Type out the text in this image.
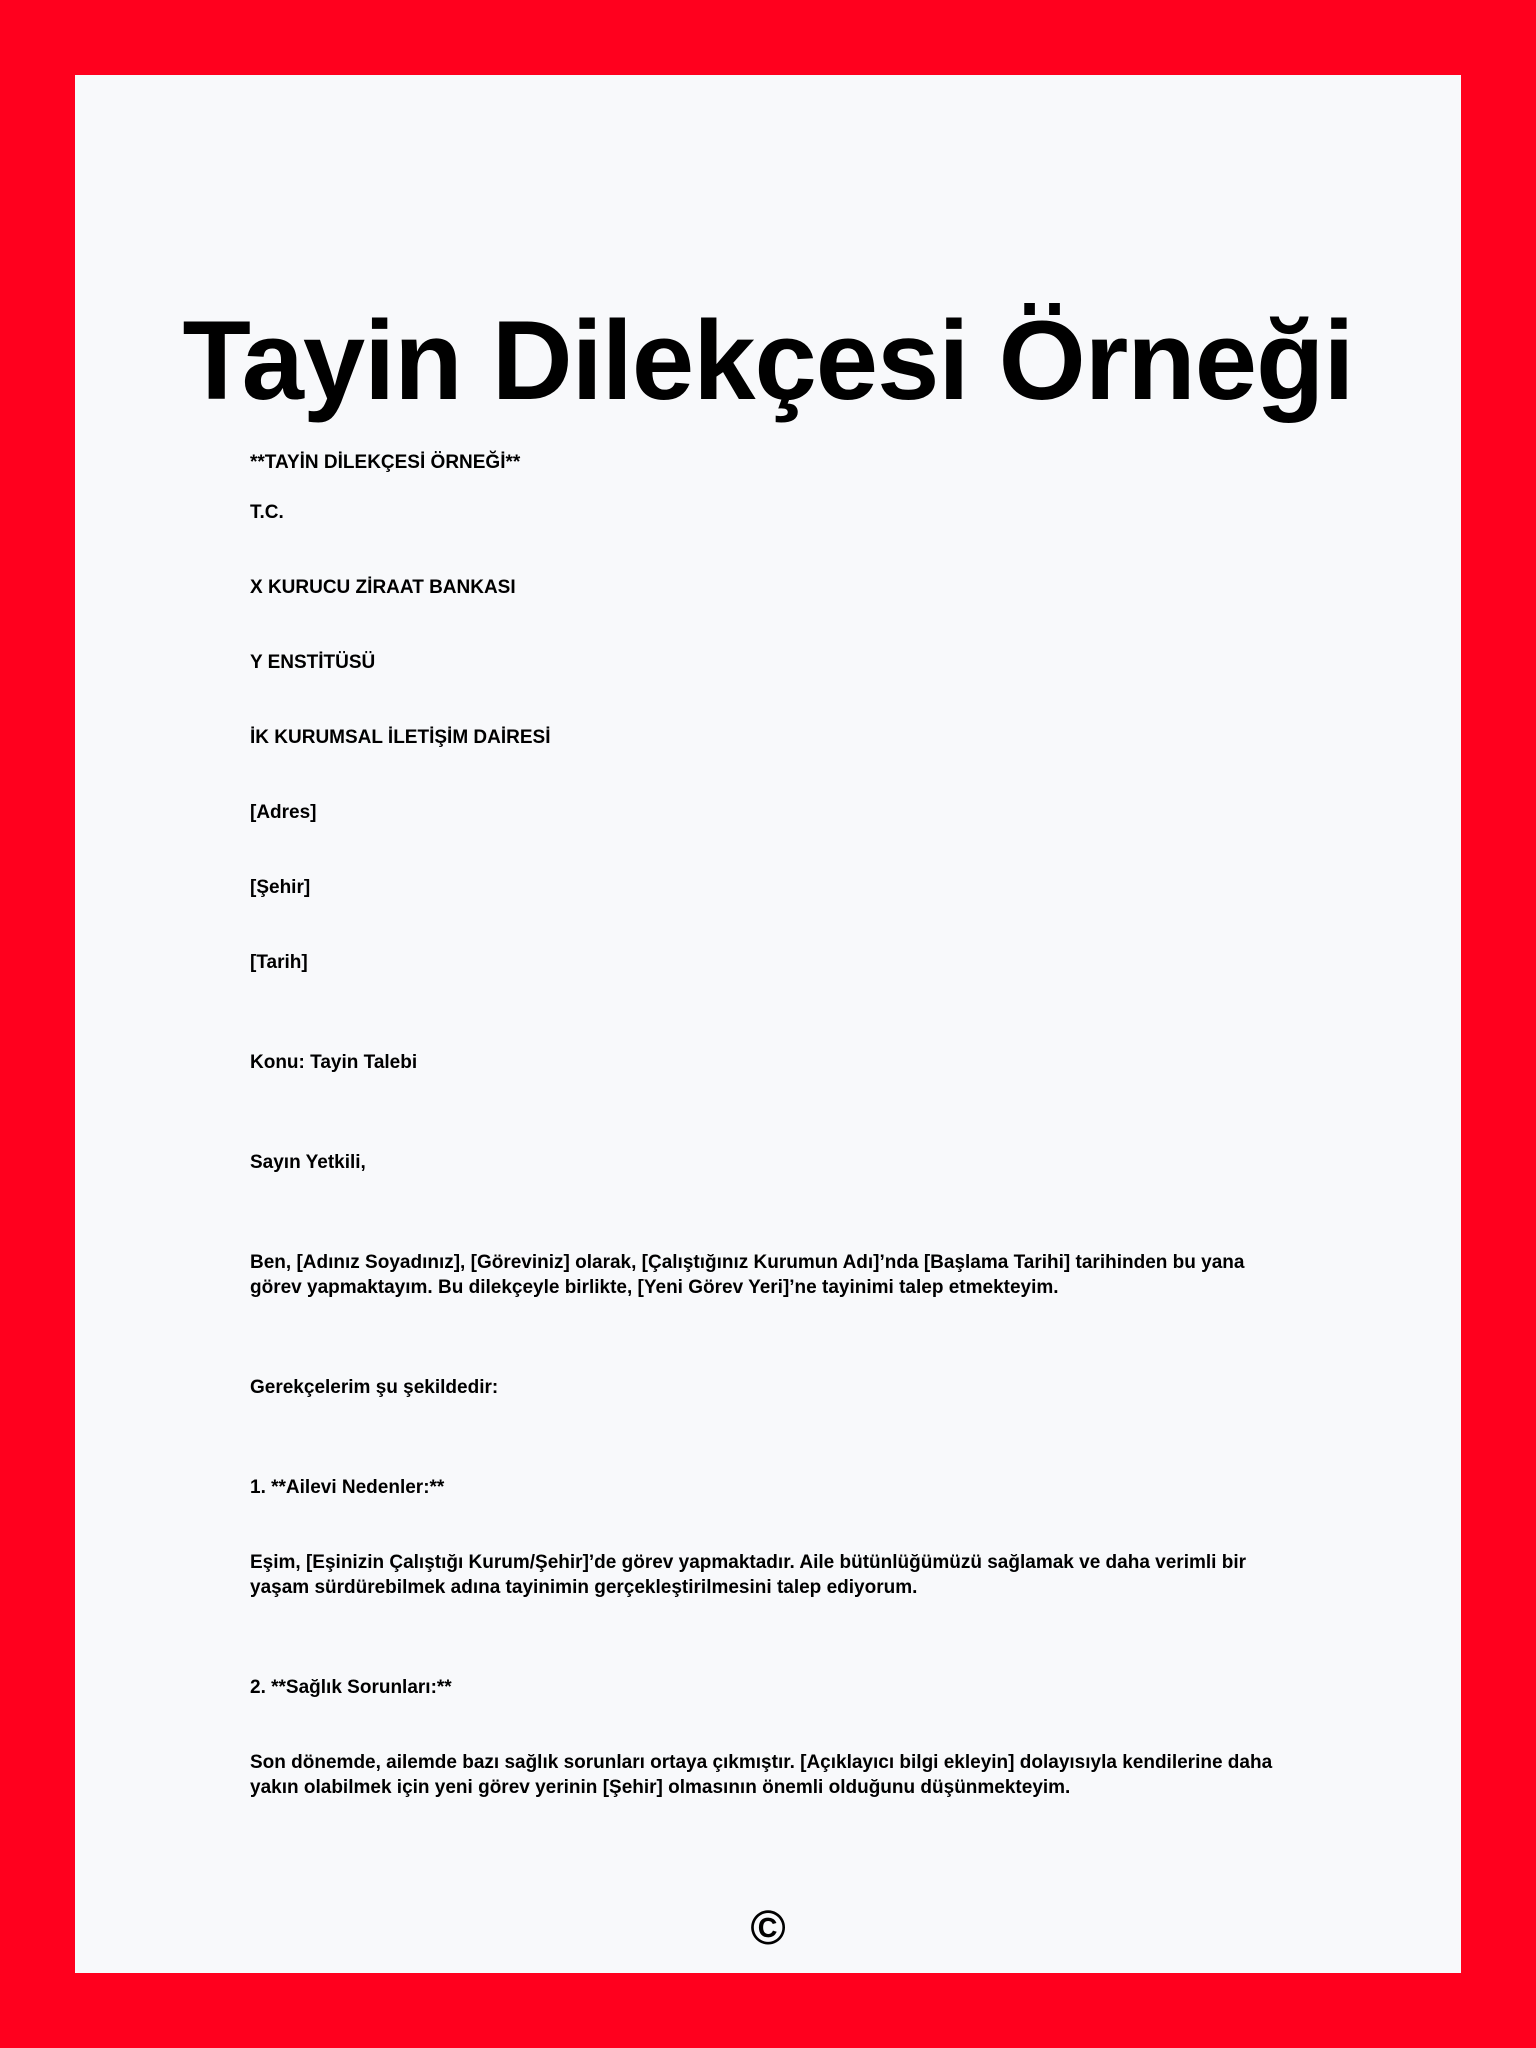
Tayin Dilekçesi Örneği

**TAYİN DİLEKÇESİ ÖRNEĞİ**

T.C.

X KURUCU ZİRAAT BANKASI

Y ENSTİTÜSÜ

İK KURUMSAL İLETİŞİM DAİRESİ

[Adres]

[Şehir]

[Tarih]

Konu: Tayin Talebi

Sayın Yetkili,

Ben, [Adınız Soyadınız], [Göreviniz] olarak, [Çalıştığınız Kurumun Adı]’nda [Başlama Tarihi] tarihinden bu yana görev yapmaktayım. Bu dilekçeyle birlikte, [Yeni Görev Yeri]’ne tayinimi talep etmekteyim.

Gerekçelerim şu şekildedir:

1. **Ailevi Nedenler:**

Eşim, [Eşinizin Çalıştığı Kurum/Şehir]’de görev yapmaktadır. Aile bütünlüğümüzü sağlamak ve daha verimli bir yaşam sürdürebilmek adına tayinimin gerçekleştirilmesini talep ediyorum.

2. **Sağlık Sorunları:**

Son dönemde, ailemde bazı sağlık sorunları ortaya çıkmıştır. [Açıklayıcı bilgi ekleyin] dolayısıyla kendilerine daha yakın olabilmek için yeni görev yerinin [Şehir] olmasının önemli olduğunu düşünmekteyim.

©
